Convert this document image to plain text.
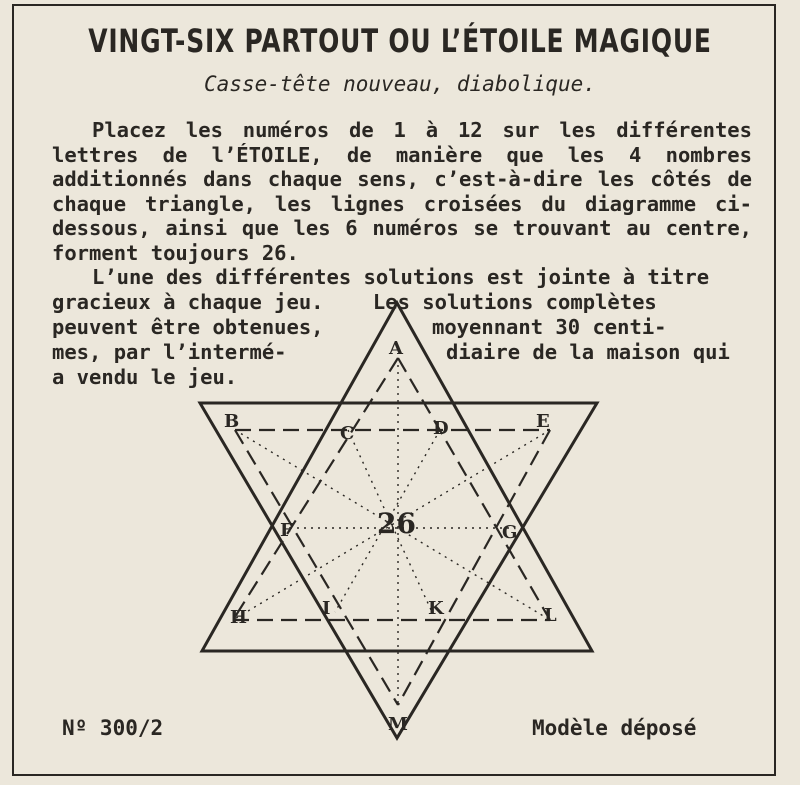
VINGT-SIX PARTOUT OU L’ÉTOILE MAGIQUE
Casse-tête nouveau, diabolique.

Placez les numéros de 1 à 12 sur les différentes lettres de l’ÉTOILE, de manière que les 4 nombres additionnés dans chaque sens, c’est-à-dire les côtés de chaque triangle, les lignes croisées du diagramme ci-dessous, ainsi que les 6 numéros se trouvant au centre, forment toujours 26.

L’une des différentes solutions est jointe à titre
gracieux à chaque jeu.    Les solutions complètes
peuvent être obtenues,	moyennant 30 centi-
mes, par l’intermé-	diaire de la maison qui
a vendu le jeu.
A
B
C	D	E
F	G
H	I	K	L
M
26
Nº 300/2	Modèle déposé
